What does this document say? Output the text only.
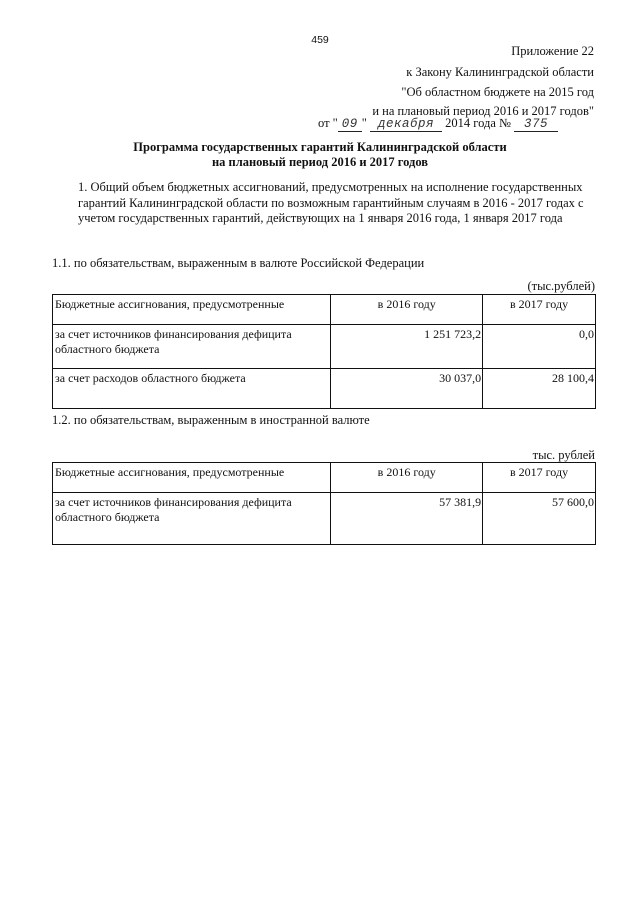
459
Приложение 22
к Закону Калининградской области
"Об областном бюджете на 2015 год
и на плановый период 2016 и 2017 годов"
от " 09 " декабря 2014 года № 375
Программа государственных гарантий Калининградской области
на плановый период 2016 и 2017 годов
1. Общий объем бюджетных ассигнований, предусмотренных на исполнение государственных гарантий Калининградской области по возможным гарантийным случаям в 2016 - 2017 годах с учетом государственных гарантий, действующих на 1 января 2016 года, 1 января 2017 года
1.1. по обязательствам, выраженным в валюте Российской Федерации
(тыс.рублей)
Бюджетные ассигнования, предусмотренные	в 2016 году	в 2017 году
за счет источников финансирования дефицита областного бюджета	1 251 723,2	0,0
за счет расходов областного бюджета	30 037,0	28 100,4
1.2. по обязательствам, выраженным в иностранной валюте
тыс. рублей
Бюджетные ассигнования, предусмотренные	в 2016 году	в 2017 году
за счет источников финансирования дефицита областного бюджета	57 381,9	57 600,0
